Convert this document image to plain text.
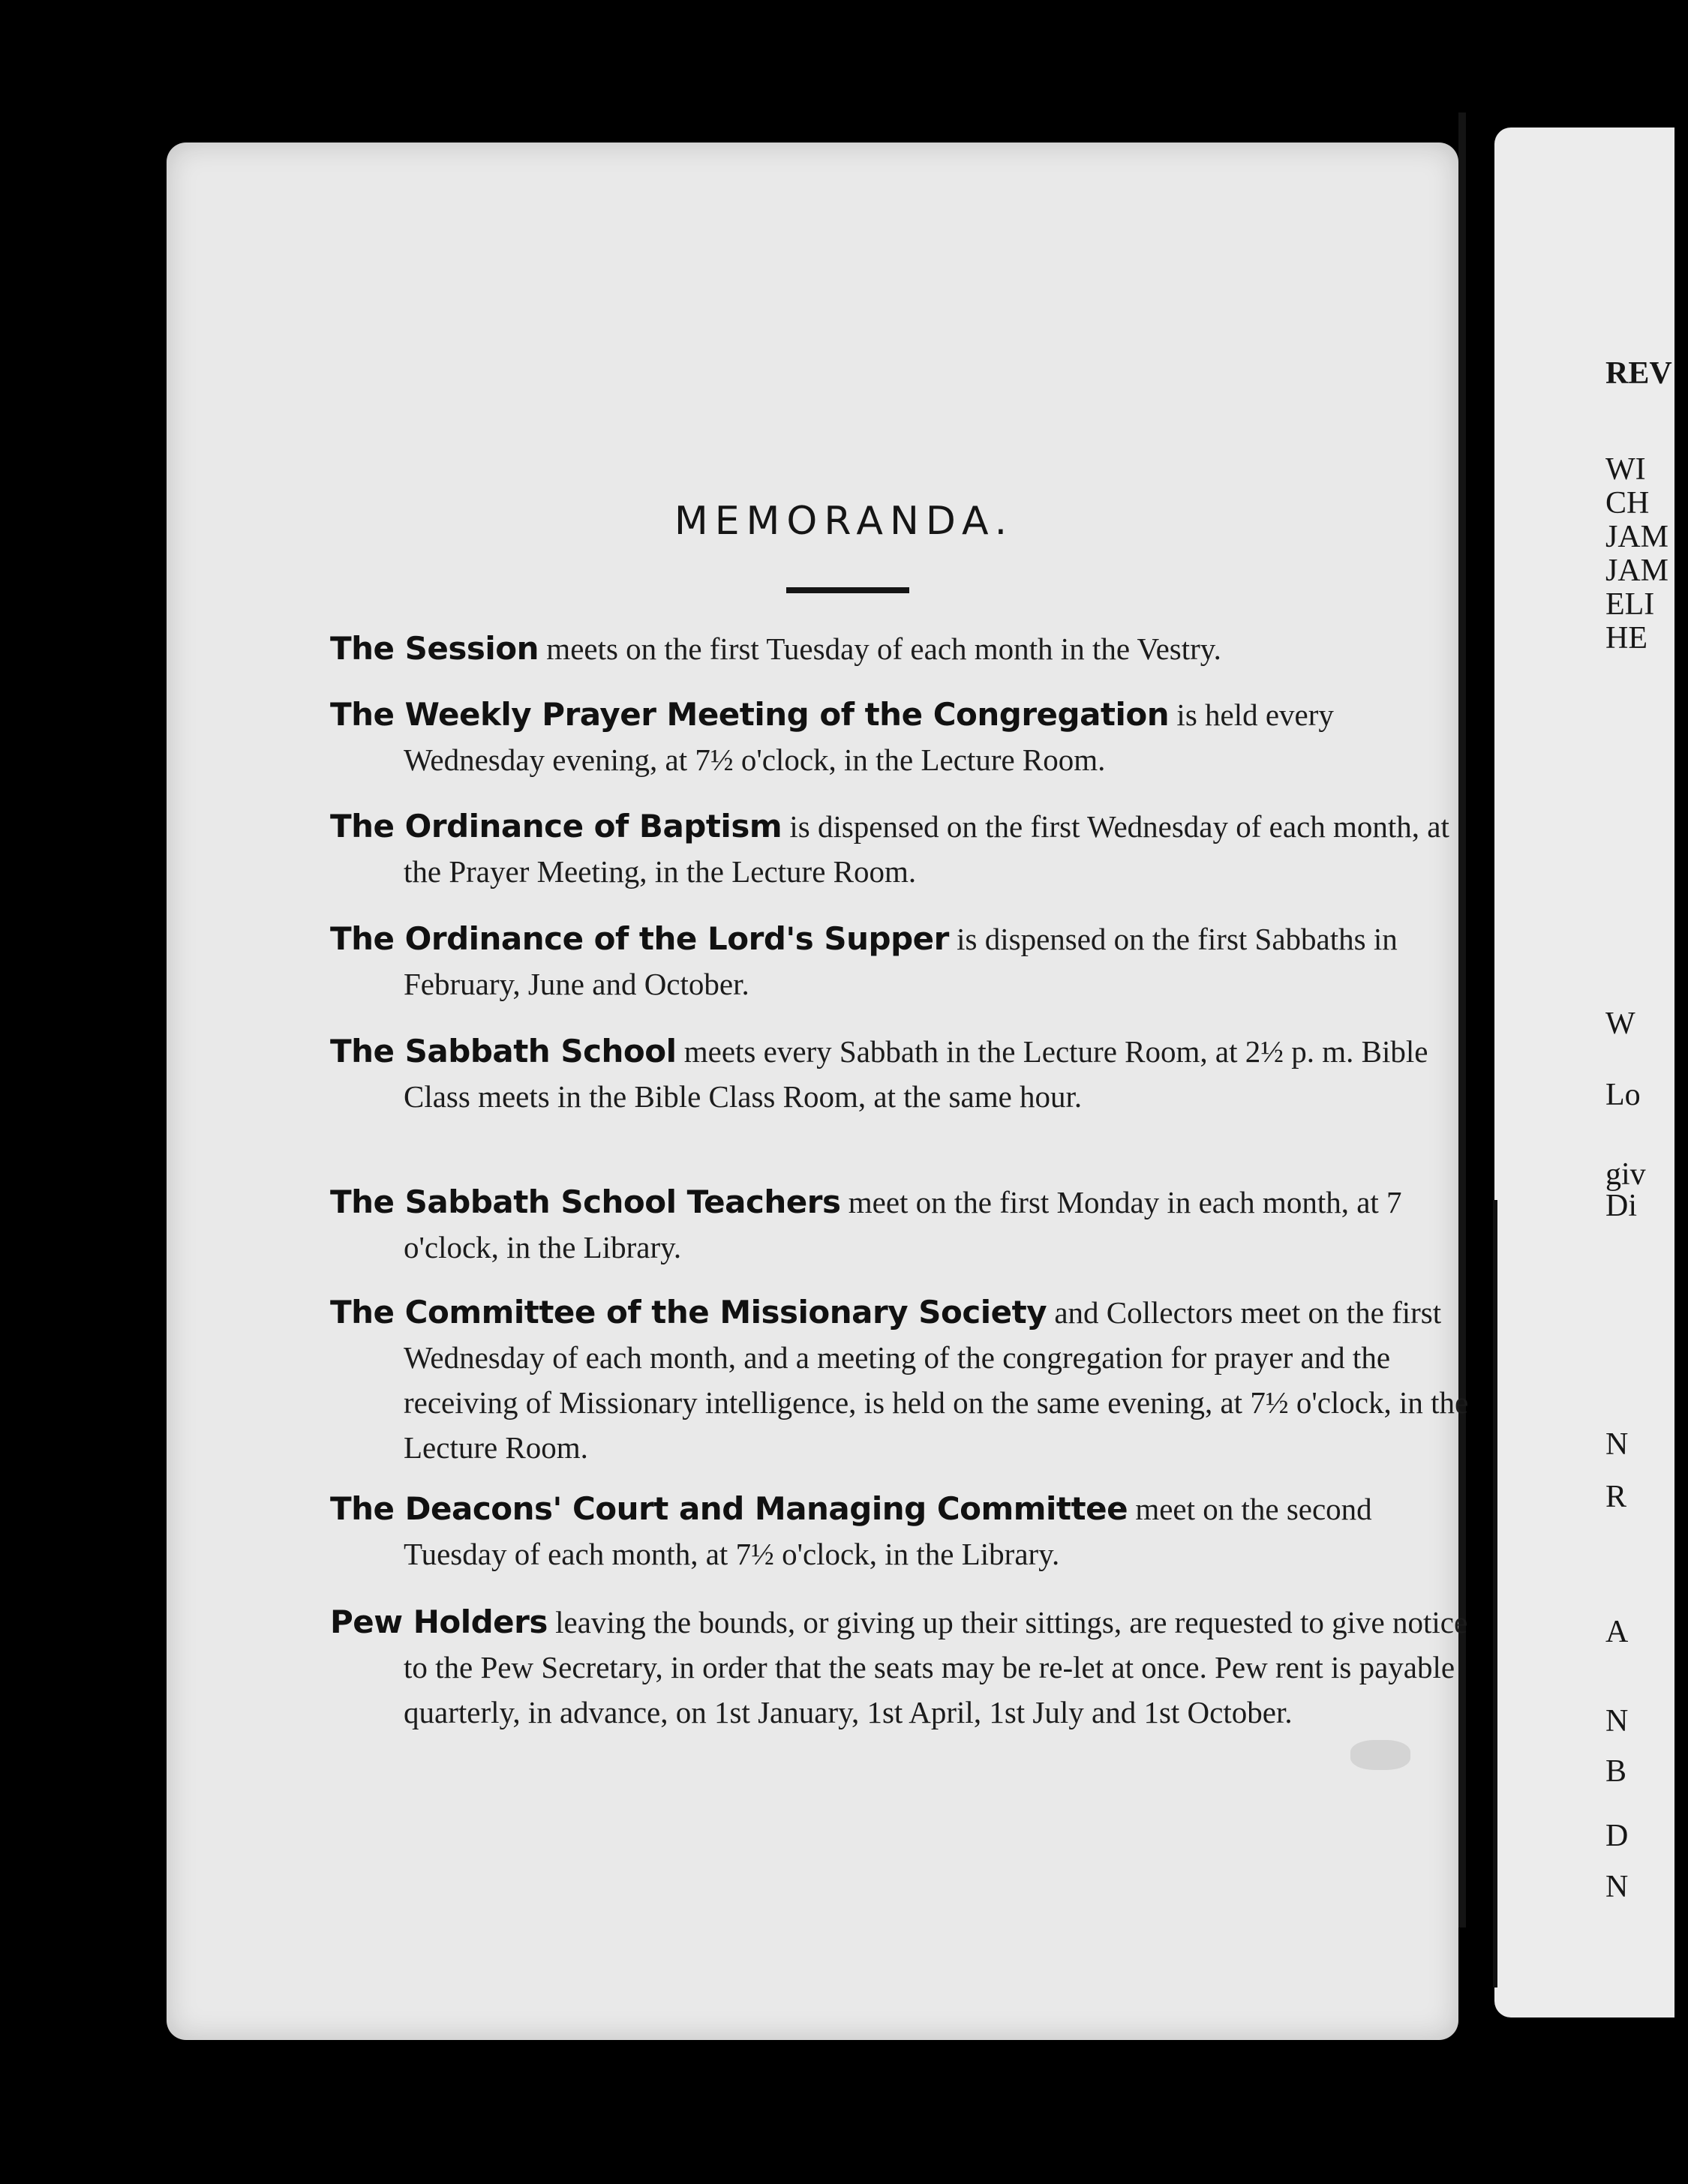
MEMORANDA.
The Session meets on the first Tuesday of each month in the Vestry.
The Weekly Prayer Meeting of the Congregation is held every Wednesday evening, at 7½ o'clock, in the Lecture Room.
The Ordinance of Baptism is dispensed on the first Wednesday of each month, at the Prayer Meeting, in the Lecture Room.
The Ordinance of the Lord's Supper is dispensed on the first Sabbaths in February, June and October.
The Sabbath School meets every Sabbath in the Lecture Room, at 2½ p. m. Bible Class meets in the Bible Class Room, at the same hour.
The Sabbath School Teachers meet on the first Monday in each month, at 7 o'clock, in the Library.
The Committee of the Missionary Society and Collectors meet on the first Wednesday of each month, and a meeting of the congregation for prayer and the receiving of Missionary intelligence, is held on the same evening, at 7½ o'clock, in the Lecture Room.
The Deacons' Court and Managing Committee meet on the second Tuesday of each month, at 7½ o'clock, in the Library.
Pew Holders leaving the bounds, or giving up their sittings, are requested to give notice to the Pew Secretary, in order that the seats may be re-let at once. Pew rent is payable quarterly, in advance, on 1st January, 1st April, 1st July and 1st October.
REV
WI
CH
JAM
JAM
ELI
HE
W
Lo
giv
Di
N
R
A
N
B
D
N
